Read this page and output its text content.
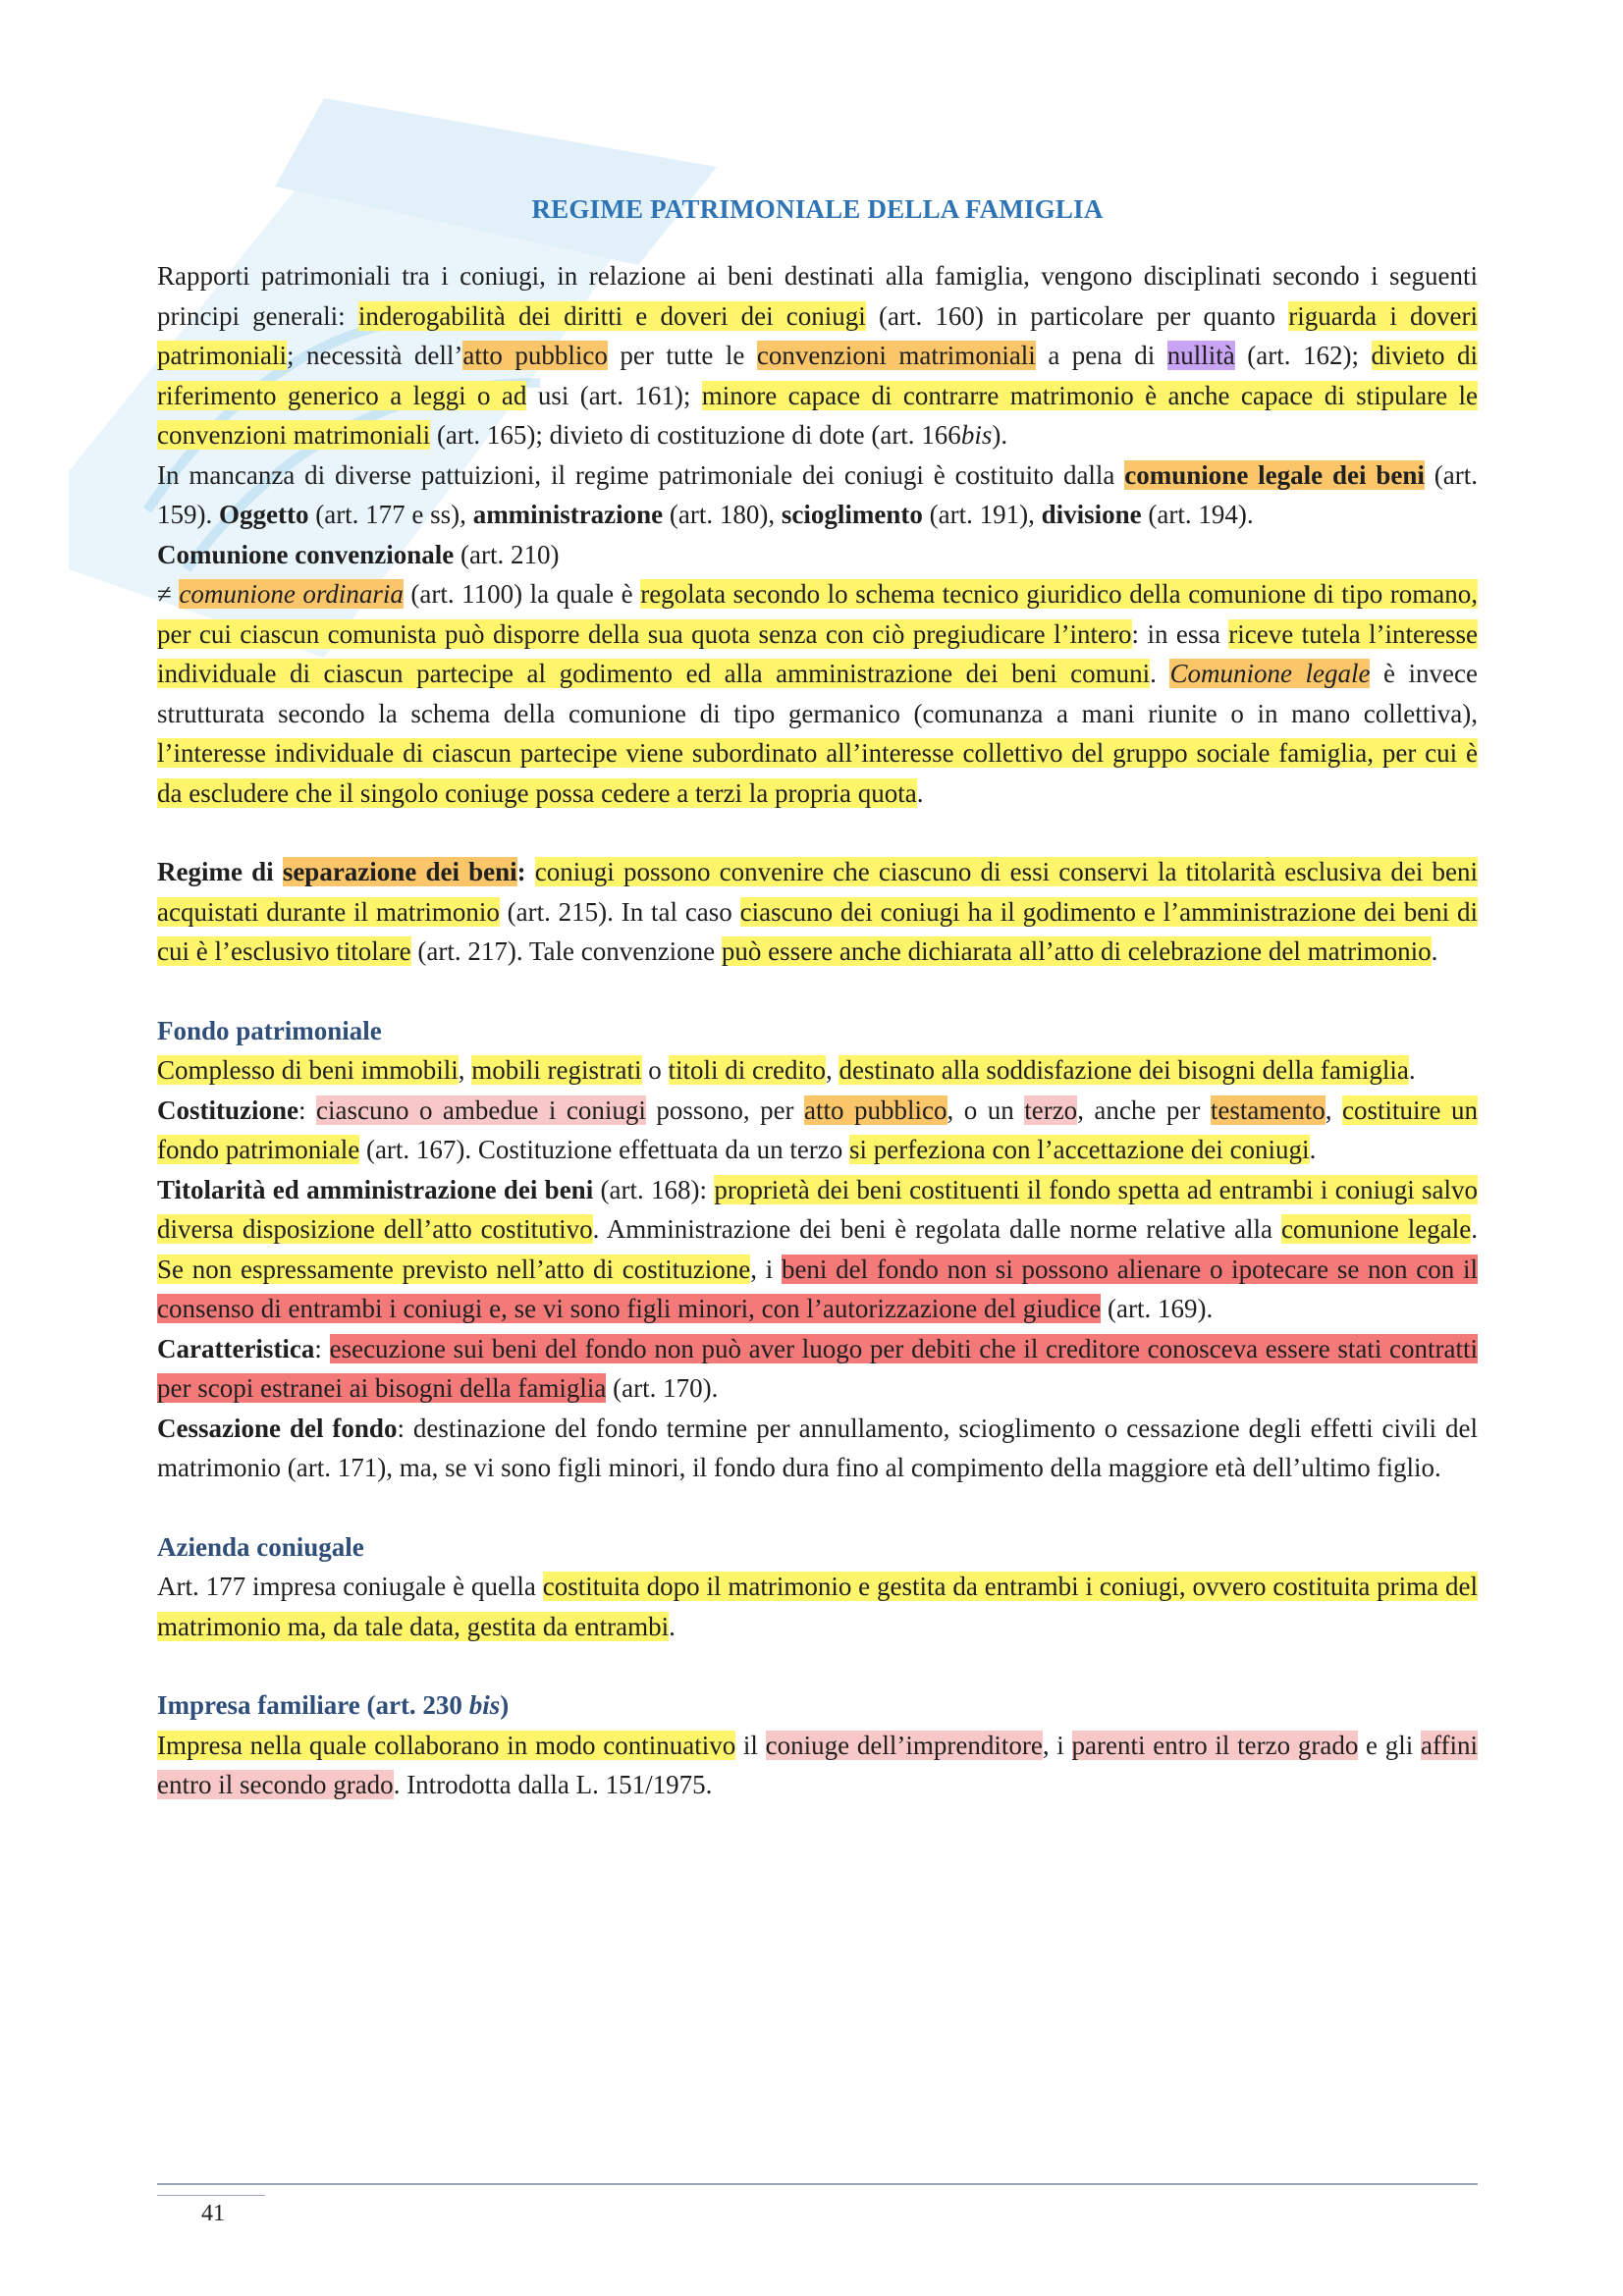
REGIME PATRIMONIALE DELLA FAMIGLIA

Rapporti patrimoniali tra i coniugi, in relazione ai beni destinati alla famiglia, vengono disciplinati secondo i seguenti principi generali: inderogabilità dei diritti e doveri dei coniugi (art. 160) in particolare per quanto riguarda i doveri patrimoniali; necessità dell’atto pubblico per tutte le convenzioni matrimoniali a pena di nullità (art. 162); divieto di riferimento generico a leggi o ad usi (art. 161); minore capace di contrarre matrimonio è anche capace di stipulare le convenzioni matrimoniali (art. 165); divieto di costituzione di dote (art. 166bis).

In mancanza di diverse pattuizioni, il regime patrimoniale dei coniugi è costituito dalla comunione legale dei beni (art. 159). Oggetto (art. 177 e ss), amministrazione (art. 180), scioglimento (art. 191), divisione (art. 194).

Comunione convenzionale (art. 210)

≠ comunione ordinaria (art. 1100) la quale è regolata secondo lo schema tecnico giuridico della comunione di tipo romano, per cui ciascun comunista può disporre della sua quota senza con ciò pregiudicare l’intero: in essa riceve tutela l’interesse individuale di ciascun partecipe al godimento ed alla amministrazione dei beni comuni. Comunione legale è invece strutturata secondo la schema della comunione di tipo germanico (comunanza a mani riunite o in mano collettiva), l’interesse individuale di ciascun partecipe viene subordinato all’interesse collettivo del gruppo sociale famiglia, per cui è da escludere che il singolo coniuge possa cedere a terzi la propria quota.

Regime di separazione dei beni: coniugi possono convenire che ciascuno di essi conservi la titolarità esclusiva dei beni acquistati durante il matrimonio (art. 215). In tal caso ciascuno dei coniugi ha il godimento e l’amministrazione dei beni di cui è l’esclusivo titolare (art. 217). Tale convenzione può essere anche dichiarata all’atto di celebrazione del matrimonio.

Fondo patrimoniale

Complesso di beni immobili, mobili registrati o titoli di credito, destinato alla soddisfazione dei bisogni della famiglia.

Costituzione: ciascuno o ambedue i coniugi possono, per atto pubblico, o un terzo, anche per testamento, costituire un fondo patrimoniale (art. 167). Costituzione effettuata da un terzo si perfeziona con l’accettazione dei coniugi.

Titolarità ed amministrazione dei beni (art. 168): proprietà dei beni costituenti il fondo spetta ad entrambi i coniugi salvo diversa disposizione dell’atto costitutivo. Amministrazione dei beni è regolata dalle norme relative alla comunione legale. Se non espressamente previsto nell’atto di costituzione, i beni del fondo non si possono alienare o ipotecare se non con il consenso di entrambi i coniugi e, se vi sono figli minori, con l’autorizzazione del giudice (art. 169).

Caratteristica: esecuzione sui beni del fondo non può aver luogo per debiti che il creditore conosceva essere stati contratti per scopi estranei ai bisogni della famiglia (art. 170).

Cessazione del fondo: destinazione del fondo termine per annullamento, scioglimento o cessazione degli effetti civili del matrimonio (art. 171), ma, se vi sono figli minori, il fondo dura fino al compimento della maggiore età dell’ultimo figlio.

Azienda coniugale

Art. 177 impresa coniugale è quella costituita dopo il matrimonio e gestita da entrambi i coniugi, ovvero costituita prima del matrimonio ma, da tale data, gestita da entrambi.

Impresa familiare (art. 230 bis)

Impresa nella quale collaborano in modo continuativo il coniuge dell’imprenditore, i parenti entro il terzo grado e gli affini entro il secondo grado. Introdotta dalla L. 151/1975.

41
